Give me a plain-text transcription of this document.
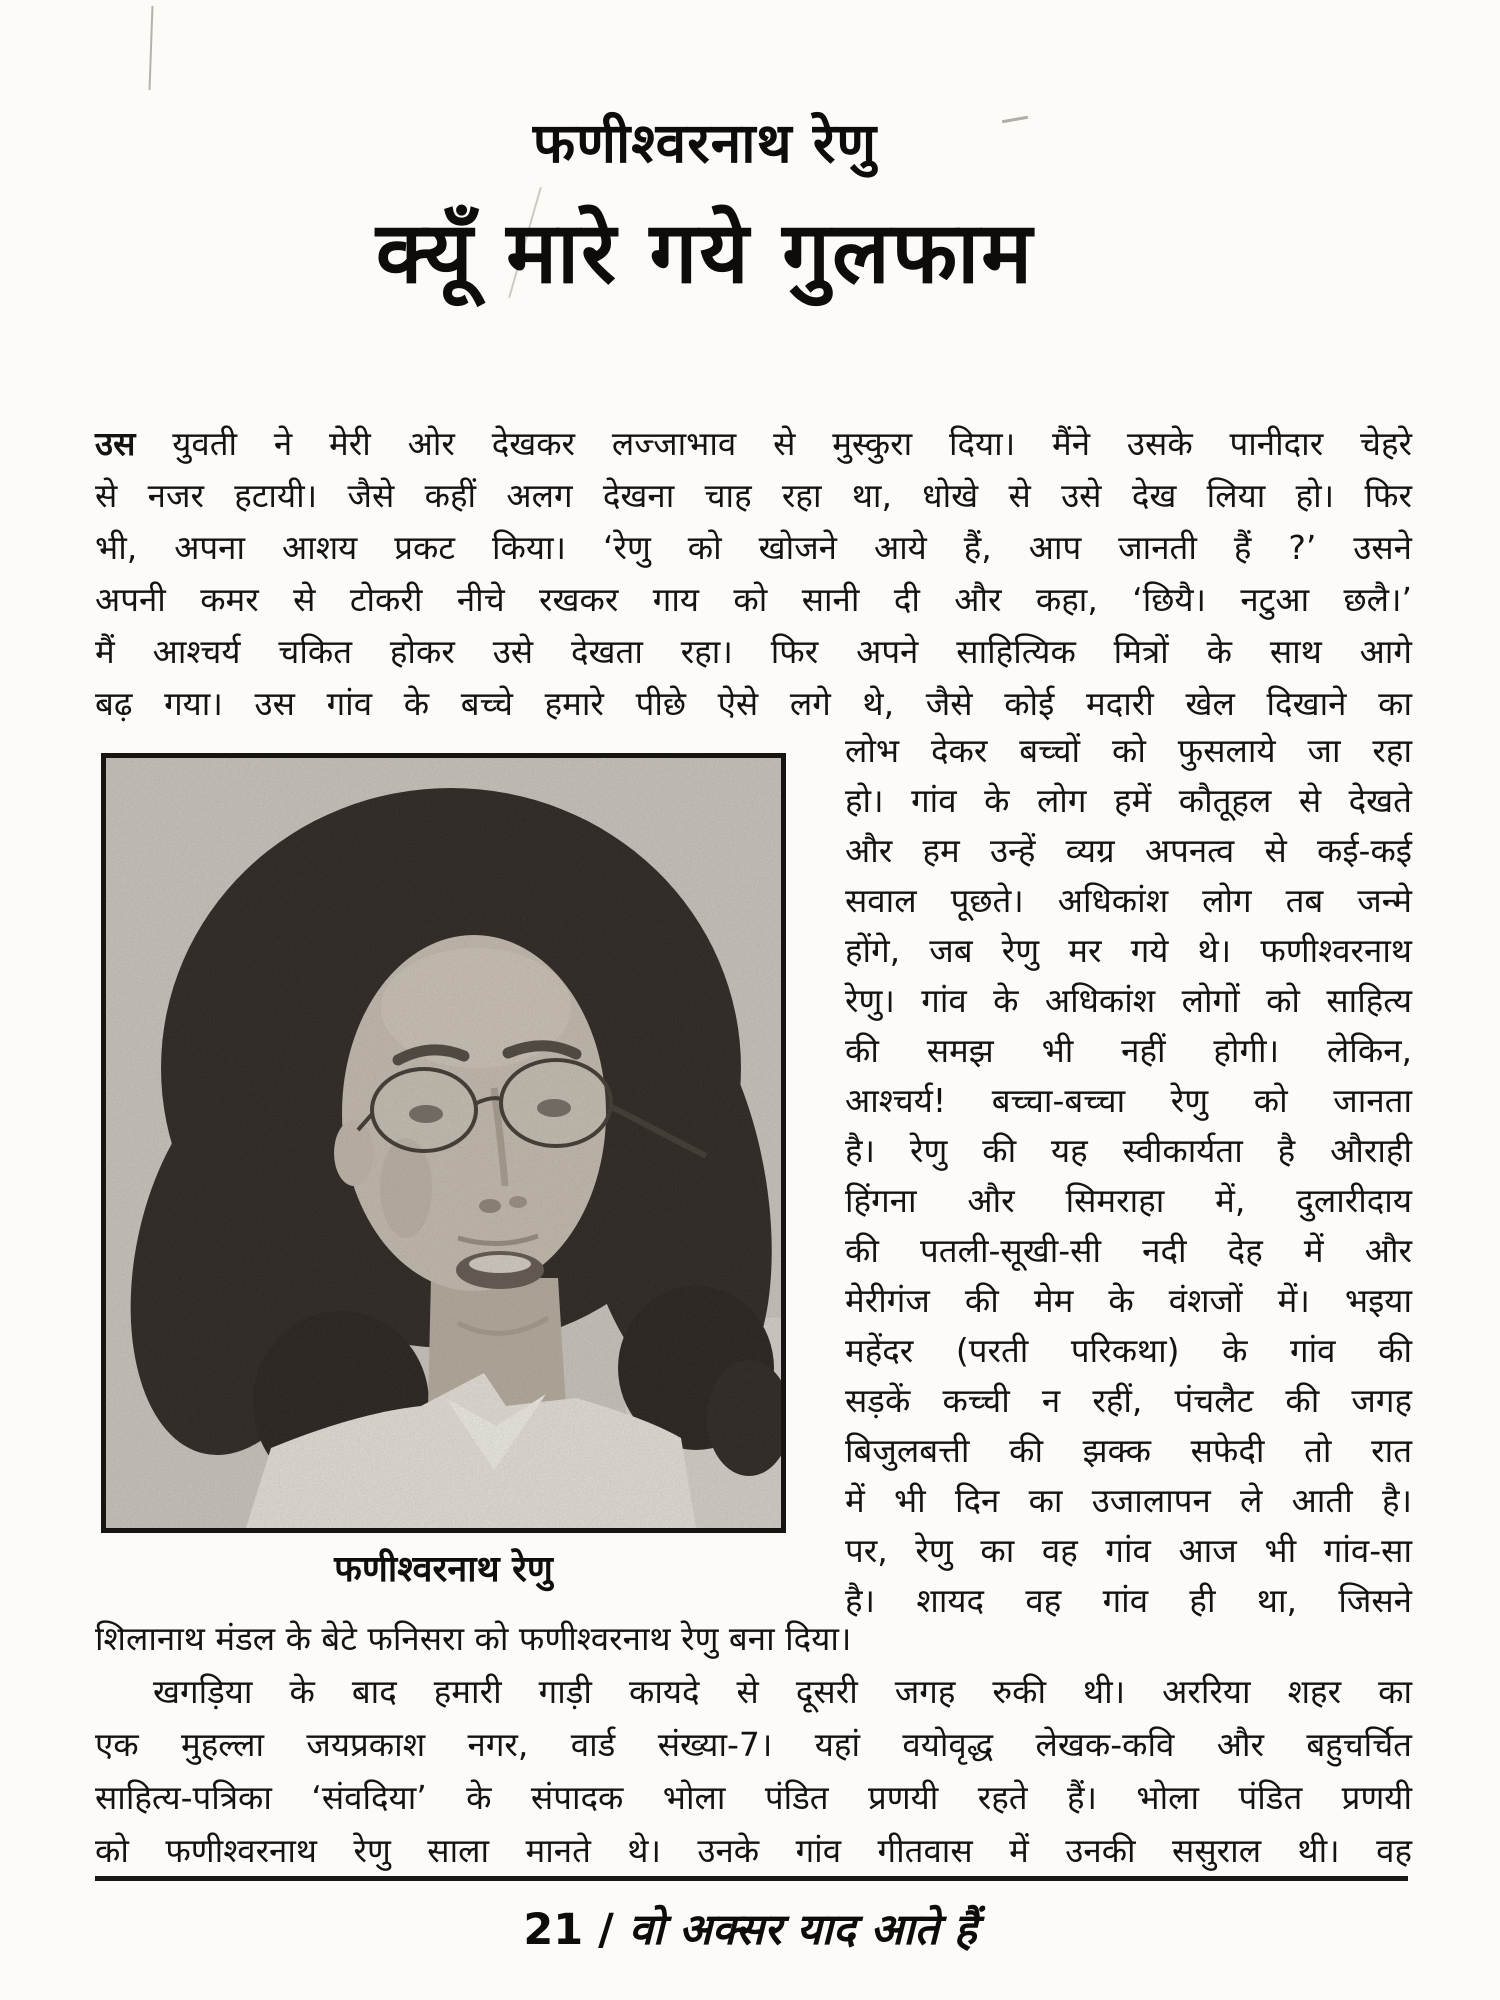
फणीश्वरनाथ रेणु
क्यूँ मारे गये गुलफाम
उस युवती ने मेरी ओर देखकर लज्जाभाव से मुस्कुरा दिया। मैंने उसके पानीदार चेहरे
से नजर हटायी। जैसे कहीं अलग देखना चाह रहा था, धोखे से उसे देख लिया हो। फिर
भी, अपना आशय प्रकट किया। ‘रेणु को खोजने आये हैं, आप जानती हैं ?’ उसने
अपनी कमर से टोकरी नीचे रखकर गाय को सानी दी और कहा, ‘छियै। नटुआ छलै।’
मैं आश्चर्य चकित होकर उसे देखता रहा। फिर अपने साहित्यिक मित्रों के साथ आगे
बढ़ गया। उस गांव के बच्चे हमारे पीछे ऐसे लगे थे, जैसे कोई मदारी खेल दिखाने का
फणीश्वरनाथ रेणु
लोभ देकर बच्चों को फुसलाये जा रहा
हो। गांव के लोग हमें कौतूहल से देखते
और हम उन्हें व्यग्र अपनत्व से कई-कई
सवाल पूछते। अधिकांश लोग तब जन्मे
होंगे, जब रेणु मर गये थे। फणीश्वरनाथ
रेणु। गांव के अधिकांश लोगों को साहित्य
की समझ भी नहीं होगी। लेकिन,
आश्चर्य! बच्चा-बच्चा रेणु को जानता
है। रेणु की यह स्वीकार्यता है औराही
हिंगना और सिमराहा में, दुलारीदाय
की पतली-सूखी-सी नदी देह में और
मेरीगंज की मेम के वंशजों में। भइया
महेंदर (परती परिकथा) के गांव की
सड़कें कच्ची न रहीं, पंचलैट की जगह
बिजुलबत्ती की झक्क सफेदी तो रात
में भी दिन का उजालापन ले आती है।
पर, रेणु का वह गांव आज भी गांव-सा
है। शायद वह गांव ही था, जिसने
शिलानाथ मंडल के बेटे फनिसरा को फणीश्वरनाथ रेणु बना दिया।
खगड़िया के बाद हमारी गाड़ी कायदे से दूसरी जगह रुकी थी। अररिया शहर का
एक मुहल्ला जयप्रकाश नगर, वार्ड संख्या-7। यहां वयोवृद्ध लेखक-कवि और बहुचर्चित
साहित्य-पत्रिका ‘संवदिया’ के संपादक भोला पंडित प्रणयी रहते हैं। भोला पंडित प्रणयी
को फणीश्वरनाथ रेणु साला मानते थे। उनके गांव गीतवास में उनकी ससुराल थी। वह
21 / वो अक्सर याद आते हैं
